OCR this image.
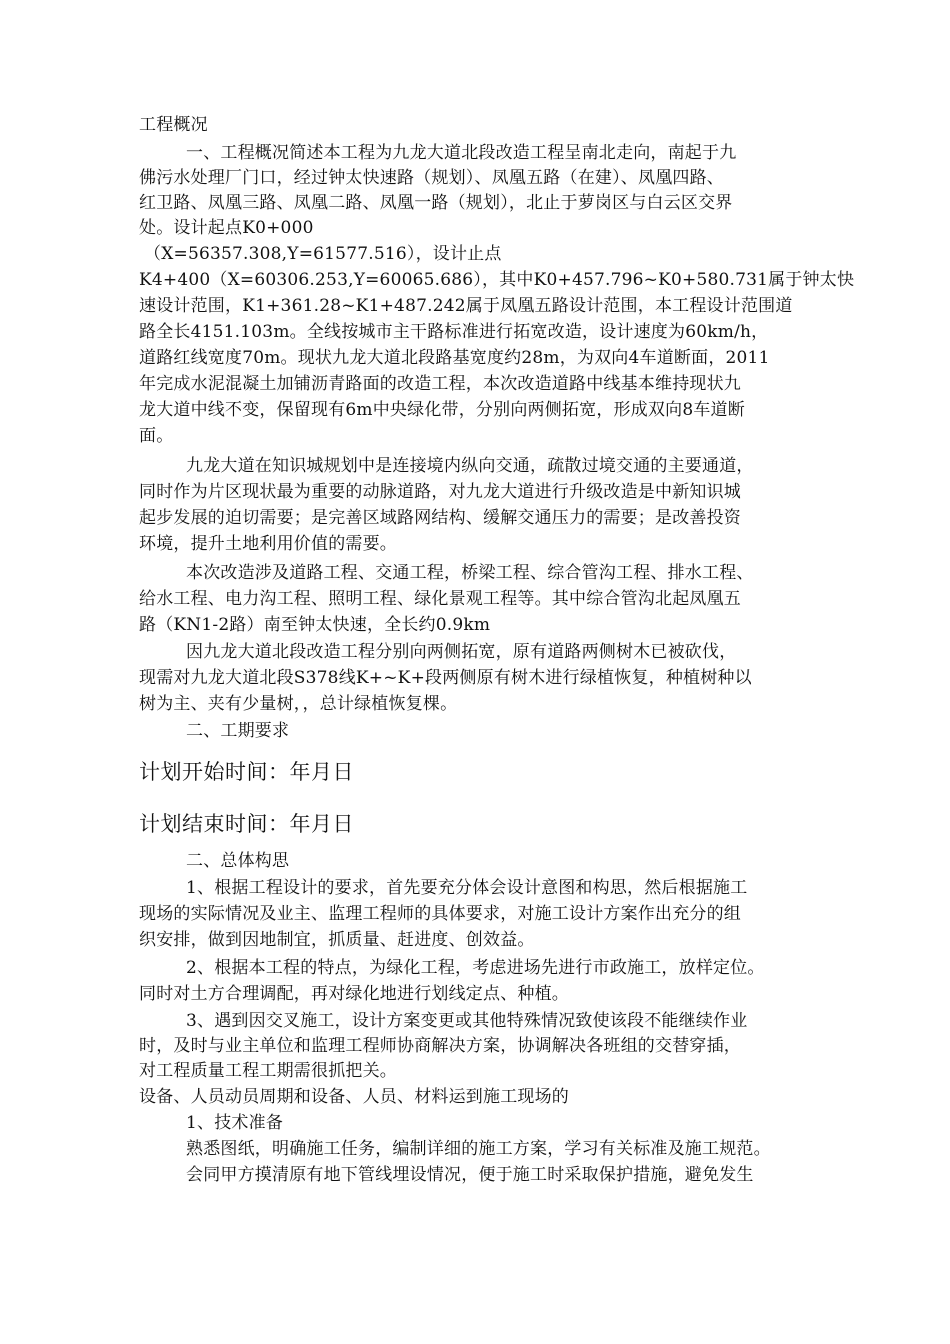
工程概况
一、工程概况简述本工程为九龙大道北段改造工程呈南北走向，南起于九
佛污水处理厂门口，经过钟太快速路（规划）、凤凰五路（在建）、凤凰四路、
红卫路、凤凰三路、凤凰二路、凤凰一路（规划），北止于萝岗区与白云区交界
处。设计起点K0+000
（X=56357.308,Y=61577.516），设计止点
K4+400（X=60306.253,Y=60065.686），其中K0+457.796~K0+580.731属于钟太快
速设计范围，K1+361.28~K1+487.242属于凤凰五路设计范围，本工程设计范围道
路全长4151.103m。全线按城市主干路标准进行拓宽改造，设计速度为60km/h，
道路红线宽度70m。现状九龙大道北段路基宽度约28m，为双向4车道断面，2011
年完成水泥混凝土加铺沥青路面的改造工程，本次改造道路中线基本维持现状九
龙大道中线不变，保留现有6m中央绿化带，分别向两侧拓宽，形成双向8车道断
面。
九龙大道在知识城规划中是连接境内纵向交通，疏散过境交通的主要通道，
同时作为片区现状最为重要的动脉道路，对九龙大道进行升级改造是中新知识城
起步发展的迫切需要；是完善区域路网结构、缓解交通压力的需要；是改善投资
环境，提升土地利用价值的需要。
本次改造涉及道路工程、交通工程，桥梁工程、综合管沟工程、排水工程、
给水工程、电力沟工程、照明工程、绿化景观工程等。其中综合管沟北起凤凰五
路（KN1-2路）南至钟太快速，全长约0.9km
因九龙大道北段改造工程分别向两侧拓宽，原有道路两侧树木已被砍伐，
现需对九龙大道北段S378线K+~K+段两侧原有树木进行绿植恢复，种植树种以
树为主、夹有少量树，，总计绿植恢复棵。
二、工期要求
计划开始时间：年月日
计划结束时间：年月日
二、总体构思
1、根据工程设计的要求，首先要充分体会设计意图和构思，然后根据施工
现场的实际情况及业主、监理工程师的具体要求，对施工设计方案作出充分的组
织安排，做到因地制宜，抓质量、赶进度、创效益。
2、根据本工程的特点，为绿化工程，考虑进场先进行市政施工，放样定位。
同时对土方合理调配，再对绿化地进行划线定点、种植。
3、遇到因交叉施工，设计方案变更或其他特殊情况致使该段不能继续作业
时，及时与业主单位和监理工程师协商解决方案，协调解决各班组的交替穿插，
对工程质量工程工期需很抓把关。
设备、人员动员周期和设备、人员、材料运到施工现场的
1、技术准备
熟悉图纸，明确施工任务，编制详细的施工方案，学习有关标准及施工规范。
会同甲方摸清原有地下管线埋设情况，便于施工时采取保护措施，避免发生
